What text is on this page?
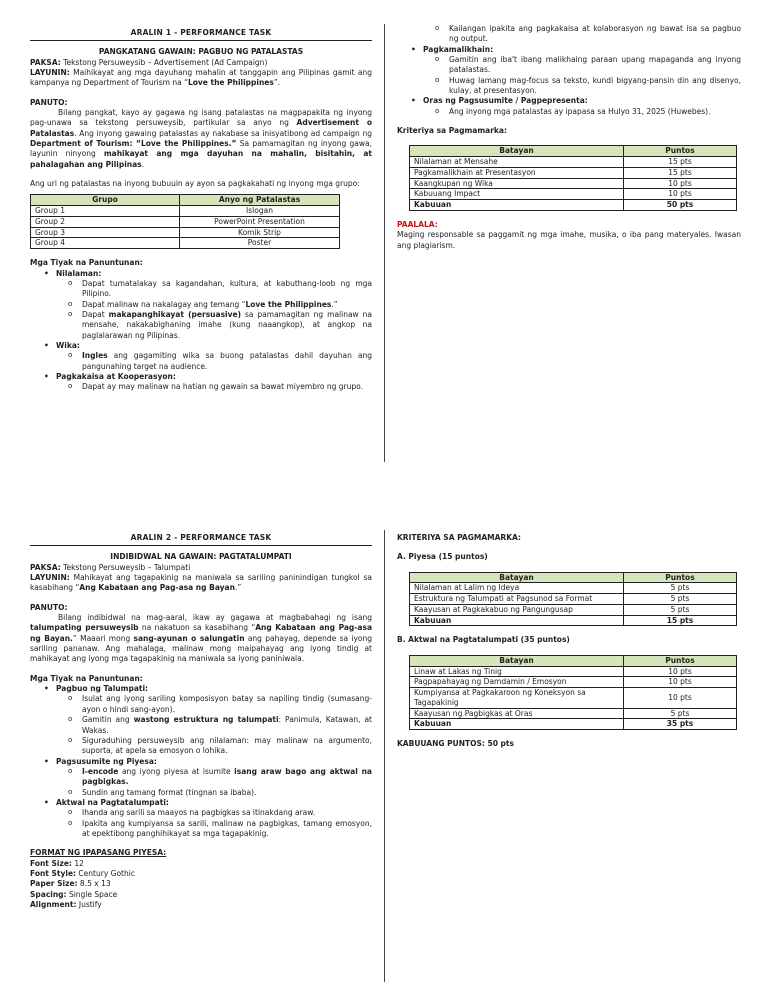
ARALIN 1 - PERFORMANCE TASK
PANGKATANG GAWAIN: PAGBUO NG PATALASTAS

PAKSA: Tekstong Persuweysib – Advertisement (Ad Campaign)

LAYUNIN: Maihikayat ang mga dayuhang mahalin at tanggapin ang Pilipinas gamit ang kampanya ng Department of Tourism na “Love the Philippines”.

PANUTO:

Bilang pangkat, kayo ay gagawa ng isang patalastas na magpapakita ng inyong pag-unawa sa tekstong persuweysib, partikular sa anyo ng Advertisement o Patalastas. Ang inyong gawaing patalastas ay nakabase sa inisyatibong ad campaign ng Department of Tourism: “Love the Philippines.” Sa pamamagitan ng inyong gawa, layunin ninyong mahikayat ang mga dayuhan na mahalin, bisitahin, at pahalagahan ang Pilipinas.

Ang uri ng patalastas na inyong bubuuin ay ayon sa pagkakahati ng inyong mga grupo:

Grupo	Anyo ng Patalastas
Group 1	Islogan
Group 2	PowerPoint Presentation
Group 3	Komik Strip
Group 4	Poster

Mga Tiyak na Panuntunan:

• Nilalaman:
o Dapat tumatalakay sa kagandahan, kultura, at kabuthang-loob ng mga Pilipino.
o Dapat malinaw na nakalagay ang temang “Love the Philippines.”
o Dapat makapanghikayat (persuasive) sa pamamagitan ng malinaw na mensahe, nakakabighaning imahe (kung naaangkop), at angkop na paglalarawan ng Pilipinas.
• Wika:
o Ingles ang gagamiting wika sa buong patalastas dahil dayuhan ang pangunahing target na audience.
• Pagkakaisa at Kooperasyon:
o Dapat ay may malinaw na hatian ng gawain sa bawat miyembro ng grupo.
o Kailangan ipakita ang pagkakaisa at kolaborasyon ng bawat isa sa pagbuo ng output.
• Pagkamalikhain:
o Gamitin ang iba't ibang malikhaing paraan upang mapaganda ang inyong patalastas.
o Huwag lamang mag-focus sa teksto, kundi bigyang-pansin din ang disenyo, kulay, at presentasyon.
• Oras ng Pagsusumite / Pagpepresenta:
o Ang inyong mga patalastas ay ipapasa sa Hulyo 31, 2025 (Huwebes).

Kriteriya sa Pagmamarka:

Batayan	Puntos
Nilalaman at Mensahe	15 pts
Pagkamalikhain at Presentasyon	15 pts
Kaangkupan ng Wika	10 pts
Kabuuang Impact	10 pts
Kabuuan	50 pts

PAALALA:

Maging responsable sa paggamit ng mga imahe, musika, o iba pang materyales. Iwasan ang plagiarism.

ARALIN 2 - PERFORMANCE TASK
INDIBIDWAL NA GAWAIN: PAGTATALUMPATI

PAKSA: Tekstong Persuweysib – Talumpati

LAYUNIN: Mahikayat ang tagapakinig na maniwala sa sariling paninindigan tungkol sa kasabihang “Ang Kabataan ang Pag-asa ng Bayan.”

PANUTO:

Bilang indibidwal na mag-aaral, ikaw ay gagawa at magbabahagi ng isang talumpating persuweysib na nakatuon sa kasabihang “Ang Kabataan ang Pag-asa ng Bayan.” Maaari mong sang-ayunan o salungatin ang pahayag, depende sa iyong sariling pananaw. Ang mahalaga, malinaw mong maipahayag ang iyong tindig at mahikayat ang iyong mga tagapakinig na maniwala sa iyong paniniwala.

Mga Tiyak na Panuntunan:

• Pagbuo ng Talumpati:
o Isulat ang iyong sariling komposisyon batay sa napiling tindig (sumasang-ayon o hindi sang-ayon).
o Gamitin ang wastong estruktura ng talumpati: Panimula, Katawan, at Wakas.
o Siguraduhing persuweysib ang nilalaman: may malinaw na argumento, suporta, at apela sa emosyon o lohika.
• Pagsusumite ng Piyesa:
o I-encode ang iyong piyesa at isumite isang araw bago ang aktwal na pagbigkas.
o Sundin ang tamang format (tingnan sa ibaba).
• Aktwal na Pagtatalumpati:
o Ihanda ang sarili sa maayos na pagbigkas sa itinakdang araw.
o Ipakita ang kumpiyansa sa sarili, malinaw na pagbigkas, tamang emosyon, at epektibong panghihikayat sa mga tagapakinig.

FORMAT NG IPAPASANG PIYESA:

Font Size: 12

Font Style: Century Gothic

Paper Size: 8.5 x 13

Spacing: Single Space

Alignment: Justify

KRITERIYA SA PAGMAMARKA:

A. Piyesa (15 puntos)

Batayan	Puntos
Nilalaman at Lalim ng Ideya	5 pts
Estruktura ng Talumpati at Pagsunod sa Format	5 pts
Kaayusan at Pagkakabuo ng Pangungusap	5 pts
Kabuuan	15 pts

B. Aktwal na Pagtatalumpati (35 puntos)

Batayan	Puntos
Linaw at Lakas ng Tinig	10 pts
Pagpapahayag ng Damdamin / Emosyon	10 pts
Kumpiyansa at Pagkakaroon ng Koneksyon sa Tagapakinig	10 pts
Kaayusan ng Pagbigkas at Oras	5 pts
Kabuuan	35 pts

KABUUANG PUNTOS: 50 pts
